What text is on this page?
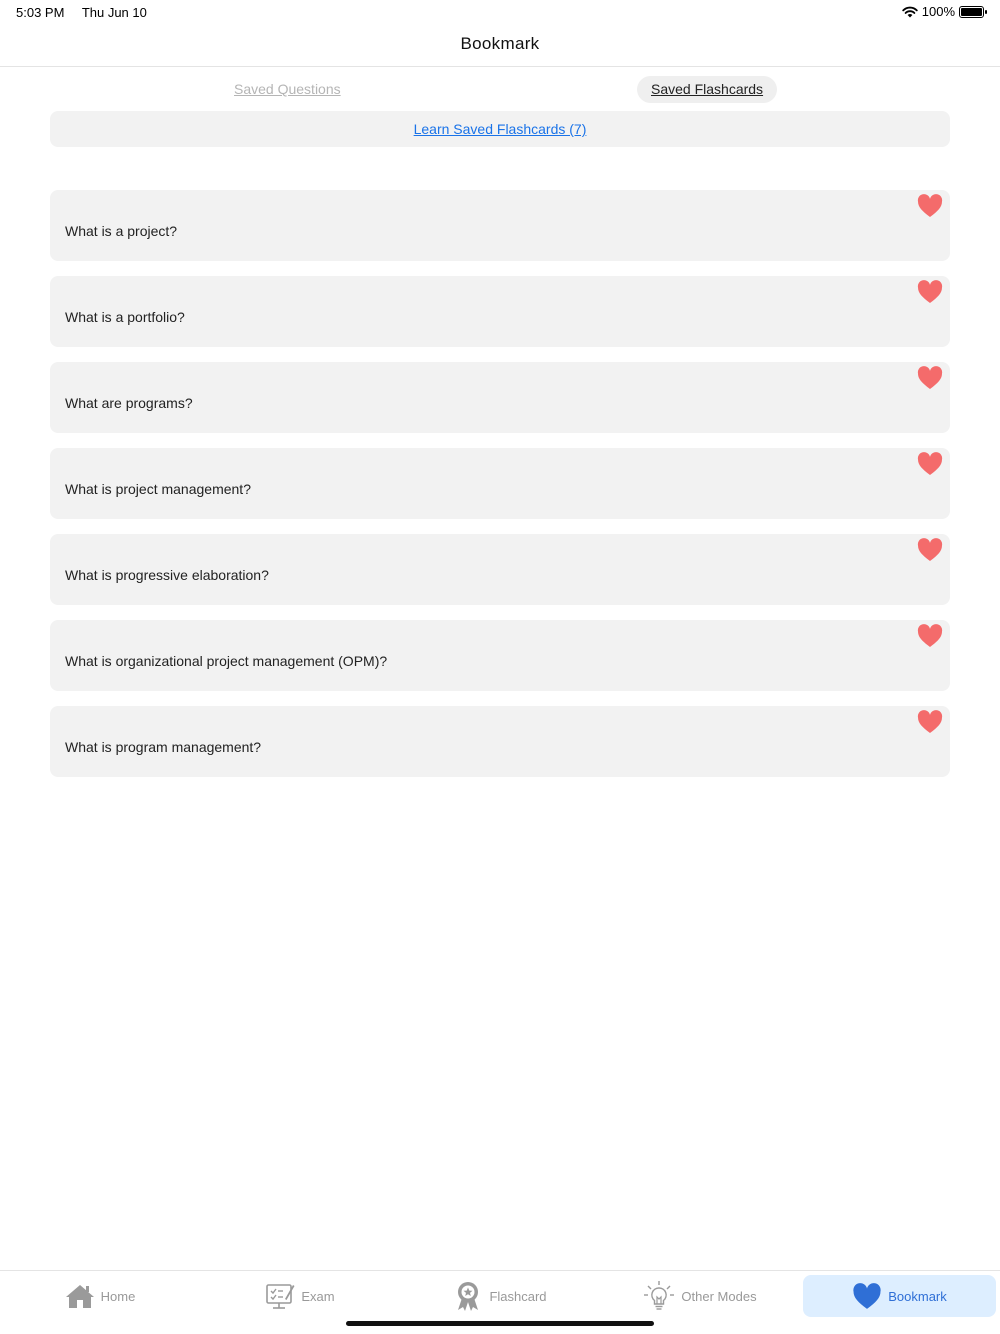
5:03 PM Thu Jun 10	100%
Bookmark
Saved Questions	Saved Flashcards
Learn Saved Flashcards (7)
What is a project?
What is a portfolio?
What are programs?
What is project management?
What is progressive elaboration?
What is organizational project management (OPM)?
What is program management?
Home	Exam	Flashcard	Other Modes	Bookmark
